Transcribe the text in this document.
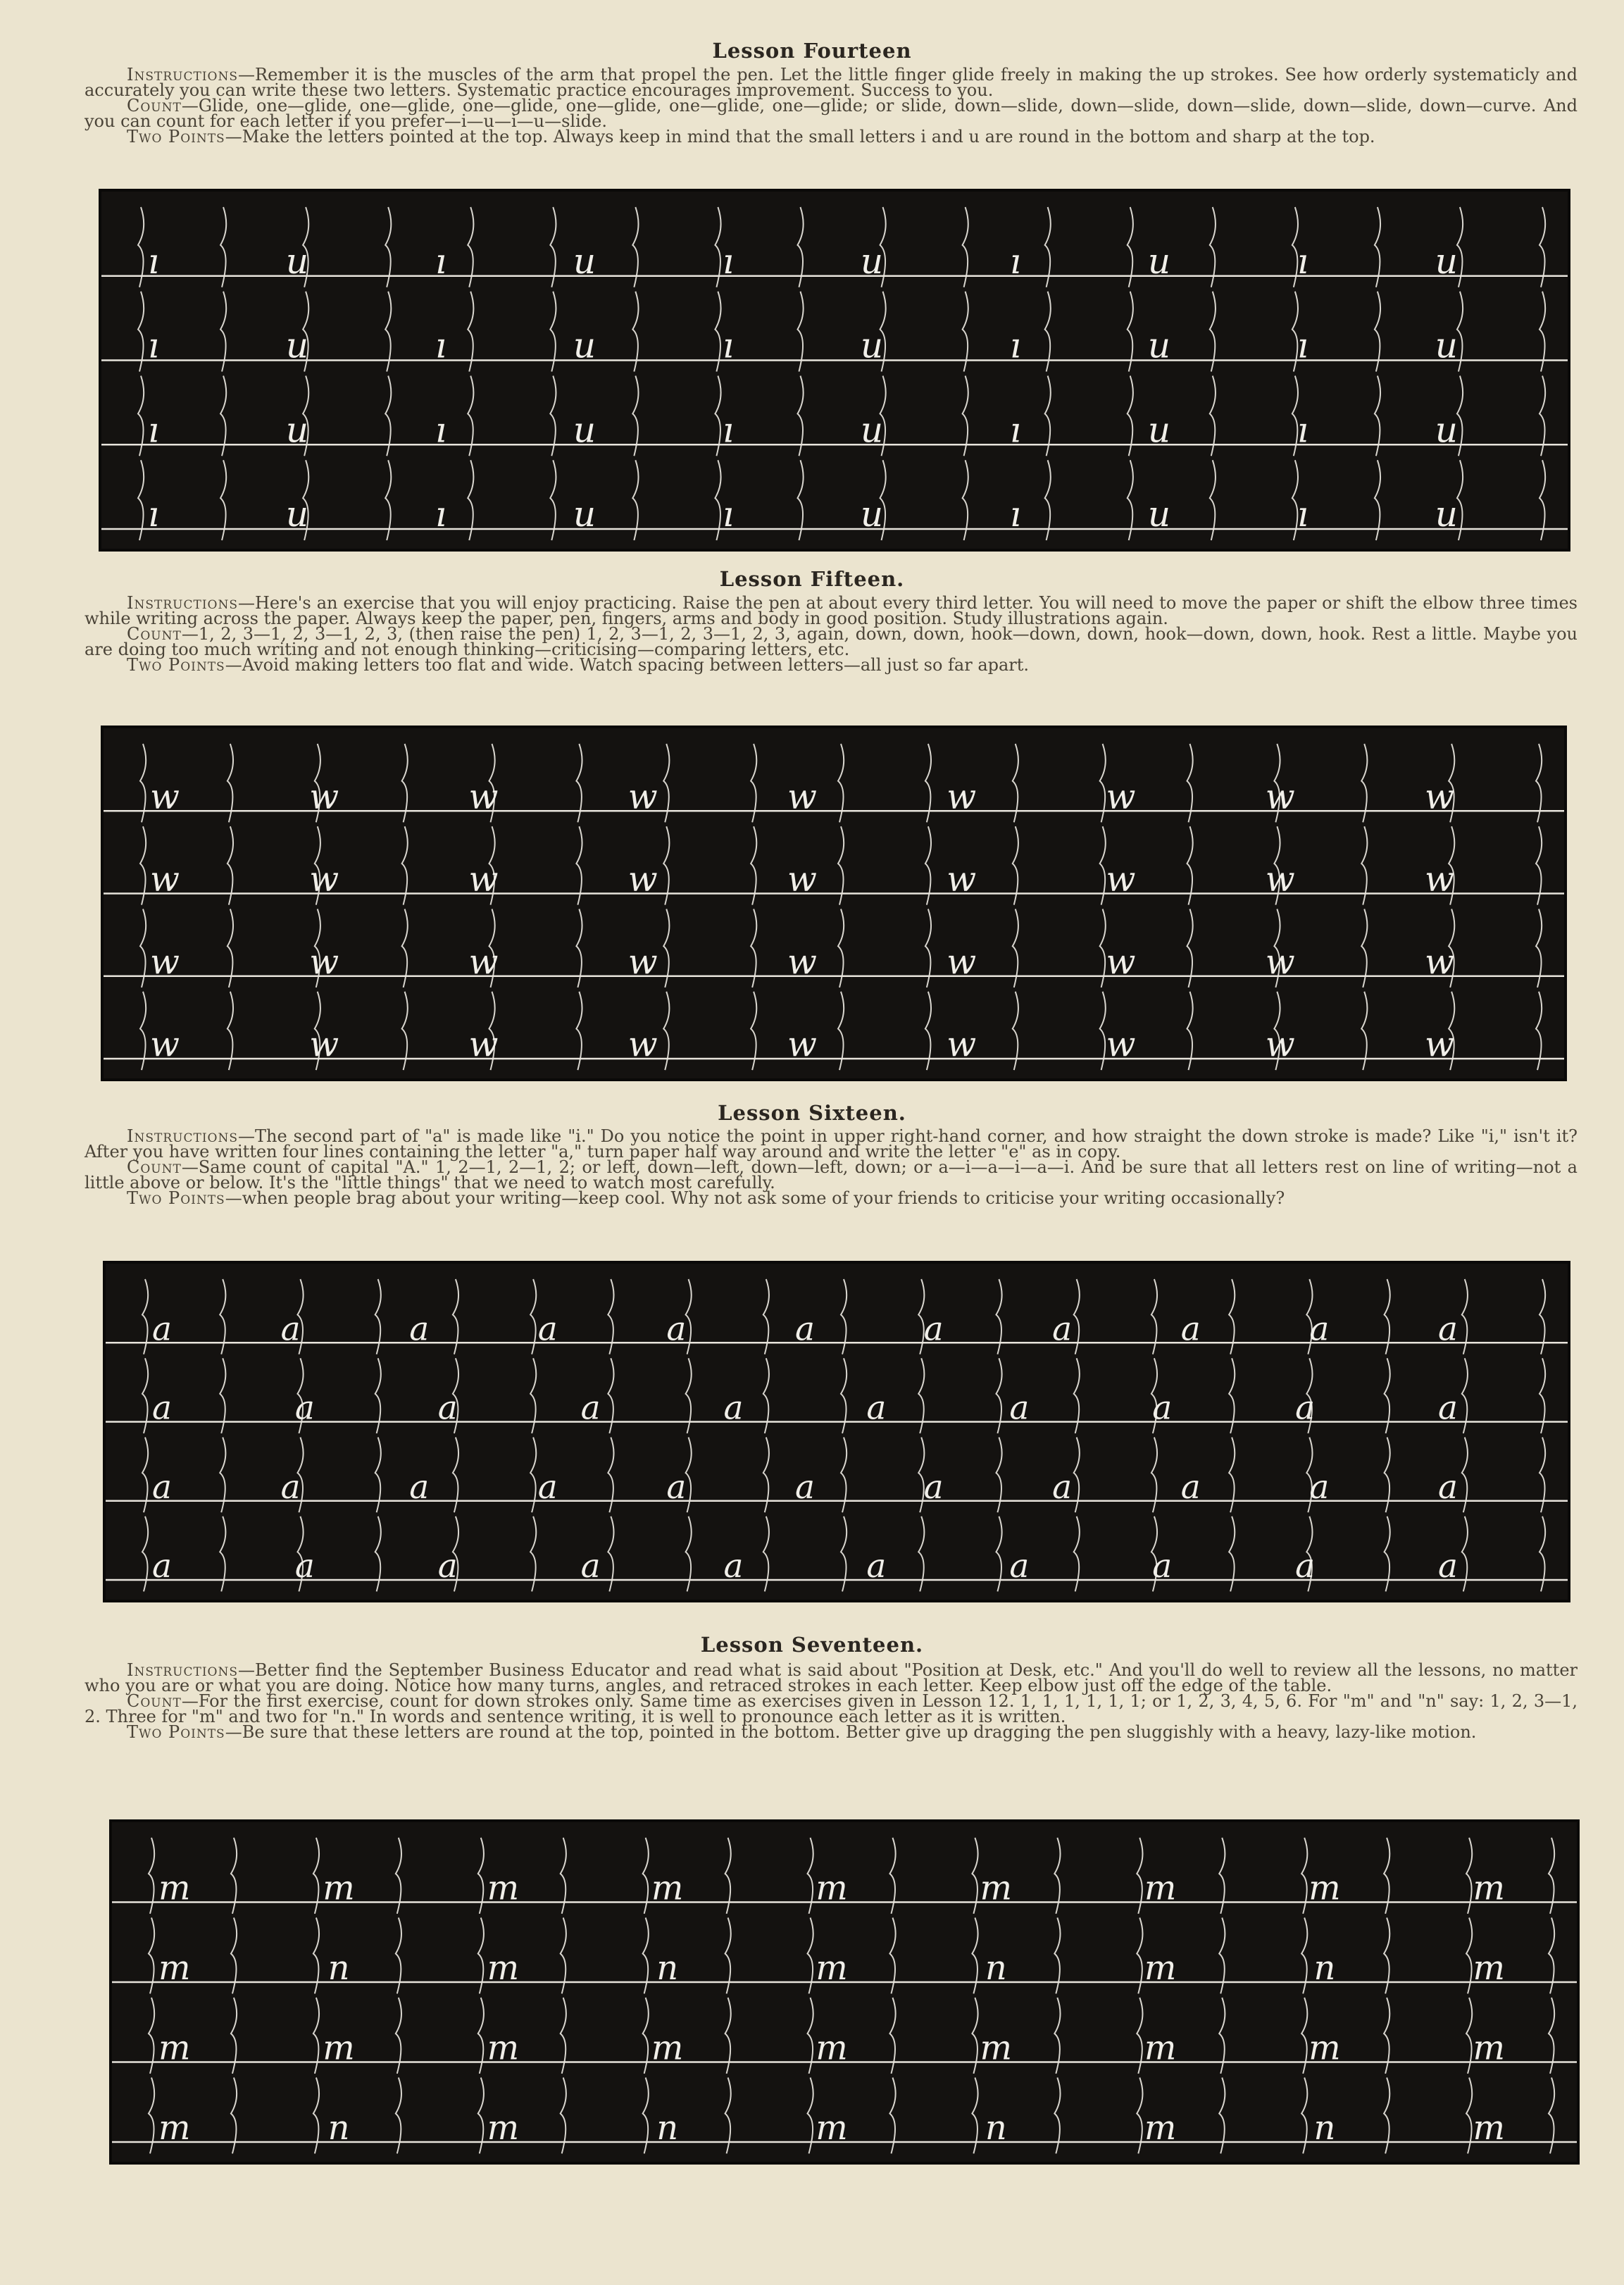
Lesson Fourteen

Instructions—Remember it is the muscles of the arm that propel the pen. Let the little finger glide freely in making the up strokes. See how orderly systematicly and accurately you can write these two letters. Systematic practice encourages improvement. Success to you.

Count—Glide, one—glide, one—glide, one—glide, one—glide, one—glide, one—glide; or slide, down—slide, down—slide, down—slide, down—slide, down—curve. And you can count for each letter if you prefer—i—u—i—u—slide.

Two Points—Make the letters pointed at the top. Always keep in mind that the small letters i and u are round in the bottom and sharp at the top.

ıuıuıuıuıu
ıuıuıuıuıu
ıuıuıuıuıu
ıuıuıuıuıu
Lesson Fifteen.

Instructions—Here's an exercise that you will enjoy practicing. Raise the pen at about every third letter. You will need to move the paper or shift the elbow three times while writing across the paper. Always keep the paper, pen, fingers, arms and body in good position. Study illustrations again.

Count—1, 2, 3—1, 2, 3—1, 2, 3, (then raise the pen) 1, 2, 3—1, 2, 3—1, 2, 3, again, down, down, hook—down, down, hook—down, down, hook. Rest a little. Maybe you are doing too much writing and not enough thinking—criticising—comparing letters, etc.

Two Points—Avoid making letters too flat and wide. Watch spacing between letters—all just so far apart.

wwwwwwwww
wwwwwwwww
wwwwwwwww
wwwwwwwww
Lesson Sixteen.

Instructions—The second part of "a" is made like "i." Do you notice the point in upper right-hand corner, and how straight the down stroke is made? Like "i," isn't it? After you have written four lines containing the letter "a," turn paper half way around and write the letter "e" as in copy.

Count—Same count of capital "A." 1, 2—1, 2—1, 2; or left, down—left, down—left, down; or a—i—a—i—a—i. And be sure that all letters rest on line of writing—not a little above or below. It's the "little things" that we need to watch most carefully.

Two Points—when people brag about your writing—keep cool. Why not ask some of your friends to criticise your writing occasionally?

aaaaaaaaaaa
aaaaaaaaaa
aaaaaaaaaaa
aaaaaaaaaa
Lesson Seventeen.

Instructions—Better find the September Business Educator and read what is said about "Position at Desk, etc." And you'll do well to review all the lessons, no matter who you are or what you are doing. Notice how many turns, angles, and retraced strokes in each letter. Keep elbow just off the edge of the table.

Count—For the first exercise, count for down strokes only. Same time as exercises given in Lesson 12. 1, 1, 1, 1, 1, 1; or 1, 2, 3, 4, 5, 6. For "m" and "n" say: 1, 2, 3—1, 2. Three for "m" and two for "n." In words and sentence writing, it is well to pronounce each letter as it is written.

Two Points—Be sure that these letters are round at the top, pointed in the bottom. Better give up dragging the pen sluggishly with a heavy, lazy-like motion.

mmmmmmmmm
mnmnmnmnm
mmmmmmmmm
mnmnmnmnm
